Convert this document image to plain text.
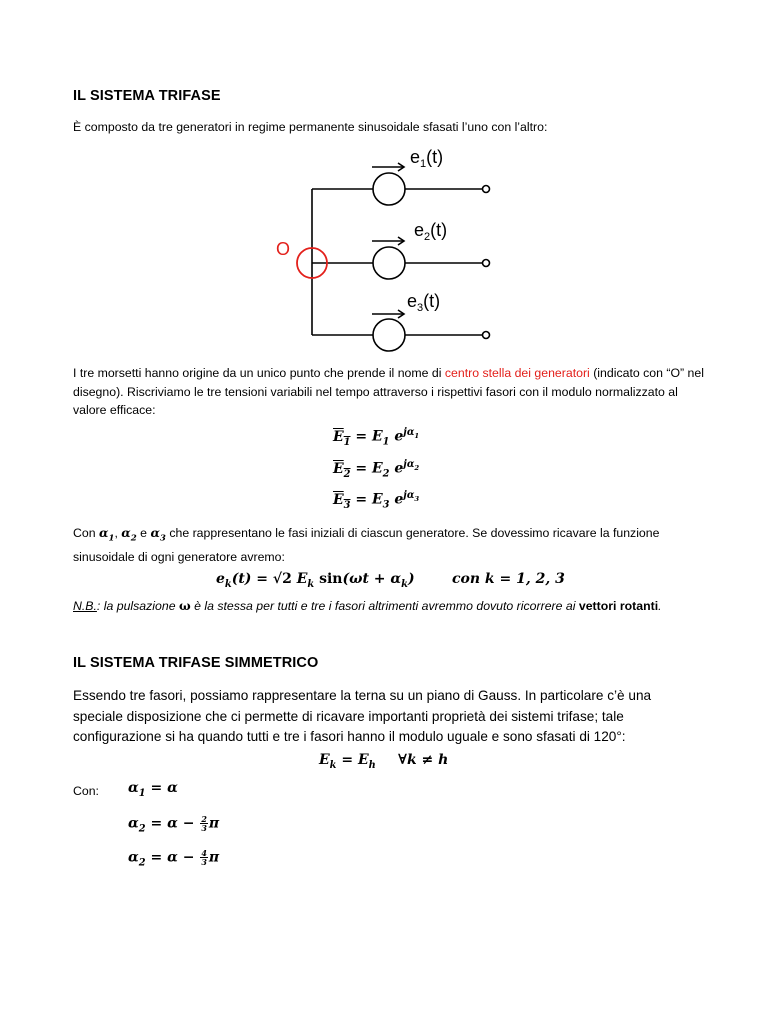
IL SISTEMA TRIFASE
È composto da tre generatori in regime permanente sinusoidale sfasati l’uno con l’altro:
O
$e_1(t)$
$e_2(t)$
$e_3(t)$
I tre morsetti hanno origine da un unico punto che prende il nome di centro stella dei generatori (indicato con “O” nel disegno). Riscriviamo le tre tensioni variabili nel tempo attraverso i rispettivi fasori con il modulo normalizzato al valore efficace:
$E_1 = E_1$ $e^{j\alpha_1}$
$E_2 = E_2$ $e^{j\alpha_2}$
$E_3 = E_3$ $e^{j\alpha_3}$
Con $\alpha_1$, $\alpha_2$ e $\alpha_3$ che rappresentano le fasi iniziali di ciascun generatore. Se dovessimo ricavare la funzione sinusoidale di ogni generatore avremo:
$e_k(t) = √2$ $E_k$ $\sin(\omega t + \alpha_k)$	con k = 1, 2, 3
N.B.: la pulsazione ω è la stessa per tutti e tre i fasori altrimenti avremmo dovuto ricorrere ai vettori rotanti.
IL SISTEMA TRIFASE SIMMETRICO
Essendo tre fasori, possiamo rappresentare la terna su un piano di Gauss. In particolare c’è una speciale disposizione che ci permette di ricavare importanti proprietà dei sistemi trifase; tale configurazione si ha quando tutti e tre i fasori hanno il modulo uguale e sono sfasati di 120°:
$E_k = E_h$ ∀k ≠ h
Con:	$\alpha_1 = \alpha$
$\alpha_2 = \alpha - \frac{2}{3}$ π
$\alpha_2 = \alpha - \frac{4}{3}$ π
